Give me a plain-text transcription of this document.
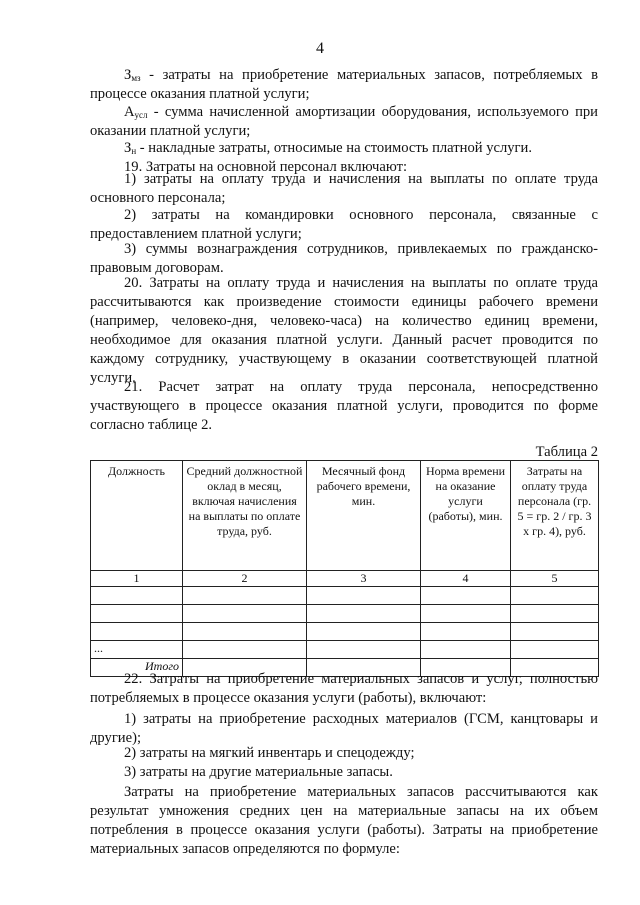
4
$З_{мз}$ - затраты на приобретение материальных запасов, потребляемых в процессе оказания платной услуги;
$А_{усл}$ - сумма начисленной амортизации оборудования, используемого при оказании платной услуги;
$З_н$ - накладные затраты, относимые на стоимость платной услуги.
19. Затраты на основной персонал включают:
1) затраты на оплату труда и начисления на выплаты по оплате труда основного персонала;
2) затраты на командировки основного персонала, связанные с предоставлением платной услуги;
3) суммы вознаграждения сотрудников, привлекаемых по гражданско-правовым договорам.
20. Затраты на оплату труда и начисления на выплаты по оплате труда рассчитываются как произведение стоимости единицы рабочего времени (например, человеко-дня, человеко-часа) на количество единиц времени, необходимое для оказания платной услуги. Данный расчет проводится по каждому сотруднику, участвующему в оказании соответствующей платной услуги.
21. Расчет затрат на оплату труда персонала, непосредственно участвующего в процессе оказания платной услуги, проводится по форме согласно таблице 2.
Таблица 2
Должность	Средний должностной оклад в месяц, включая начисления на выплаты по оплате труда, руб.	Месячный фонд рабочего времени, мин.	Норма времени на оказание услуги (работы), мин.	Затраты на оплату труда персонала (гр. 5 = гр. 2 / гр. 3 х гр. 4), руб.
1	2	3	4	5

...				
Итого				
22. Затраты на приобретение материальных запасов и услуг, полностью потребляемых в процессе оказания услуги (работы), включают:
1) затраты на приобретение расходных материалов (ГСМ, канцтовары и другие);
2) затраты на мягкий инвентарь и спецодежду;
3) затраты на другие материальные запасы.
Затраты на приобретение материальных запасов рассчитываются как результат умножения средних цен на материальные запасы на их объем потребления в процессе оказания услуги (работы). Затраты на приобретение материальных запасов определяются по формуле:
